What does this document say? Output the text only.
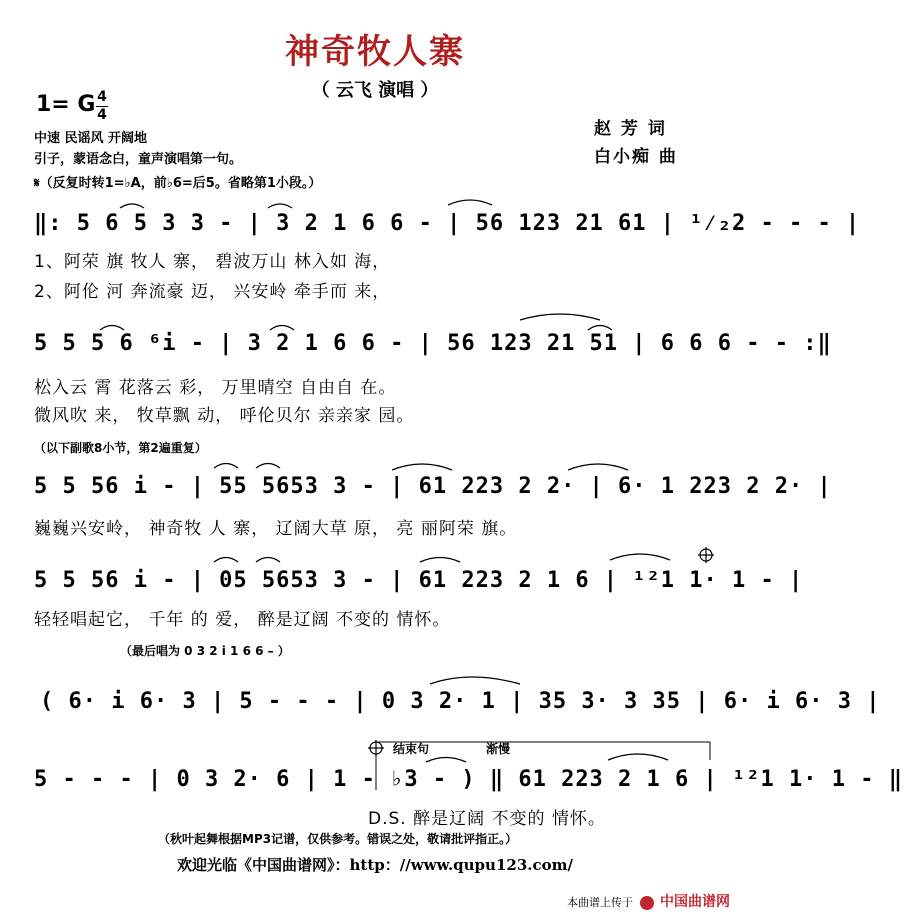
神奇牧人寨
（ 云飞 演唱 ）
1= G 4
4
中速 民谣风 开阔地
引子，蒙语念白，童声演唱第一句。
𝄋（反复时转1=♭A，前♭6=后5。省略第1小段。）
赵 芳 词
白小痴 曲
‖: 5 6 5 3 3 - | 3 2 1 6 6 - | 56 123 21 61 | ¹⁄₂2 - - - |
1、阿荣 旗 牧人 寨， 碧波万山 林入如 海，
2、阿伦 河 奔流豪 迈， 兴安岭 牵手而 来，
5 5 5 6 ⁶i - | 3 2 1 6 6 - | 56 123 21 51 | 6 6 6 - - :‖
松入云 霄 花落云 彩， 万里晴空 自由自 在。
微风吹 来， 牧草飘 动， 呼伦贝尔 亲亲家 园。
（以下副歌8小节，第2遍重复）
5 5 56 i - | 55 5653 3 - | 61 223 2 2· | 6· 1 223 2 2· |
巍巍兴安岭， 神奇牧 人 寨， 辽阔大草 原， 亮 丽阿荣 旗。
5 5 56 i - | 05 5653 3 - | 61 223 2 1 6 | ¹²1 1· 1 - |
轻轻唱起它， 千年 的 爱， 醉是辽阔 不变的 情怀。
（最后唱为 0 3 2 i 1 6 6 – ）
( 6· i 6· 3 | 5 - - - | 0 3 2· 1 | 35 3· 3 35 | 6· i 6· 3 |
结束句	渐慢
5 - - - | 0 3 2· 6 | 1 - ♭3 - ) ‖ 61 223 2 1 6 | ¹²1 1· 1 - ‖
D.S. 醉是辽阔 不变的 情怀。
（秋叶起舞根据MP3记谱，仅供参考。错误之处，敬请批评指正。）
欢迎光临《中国曲谱网》：http：//www.qupu123.com/
本曲谱上传于 中国曲谱网
